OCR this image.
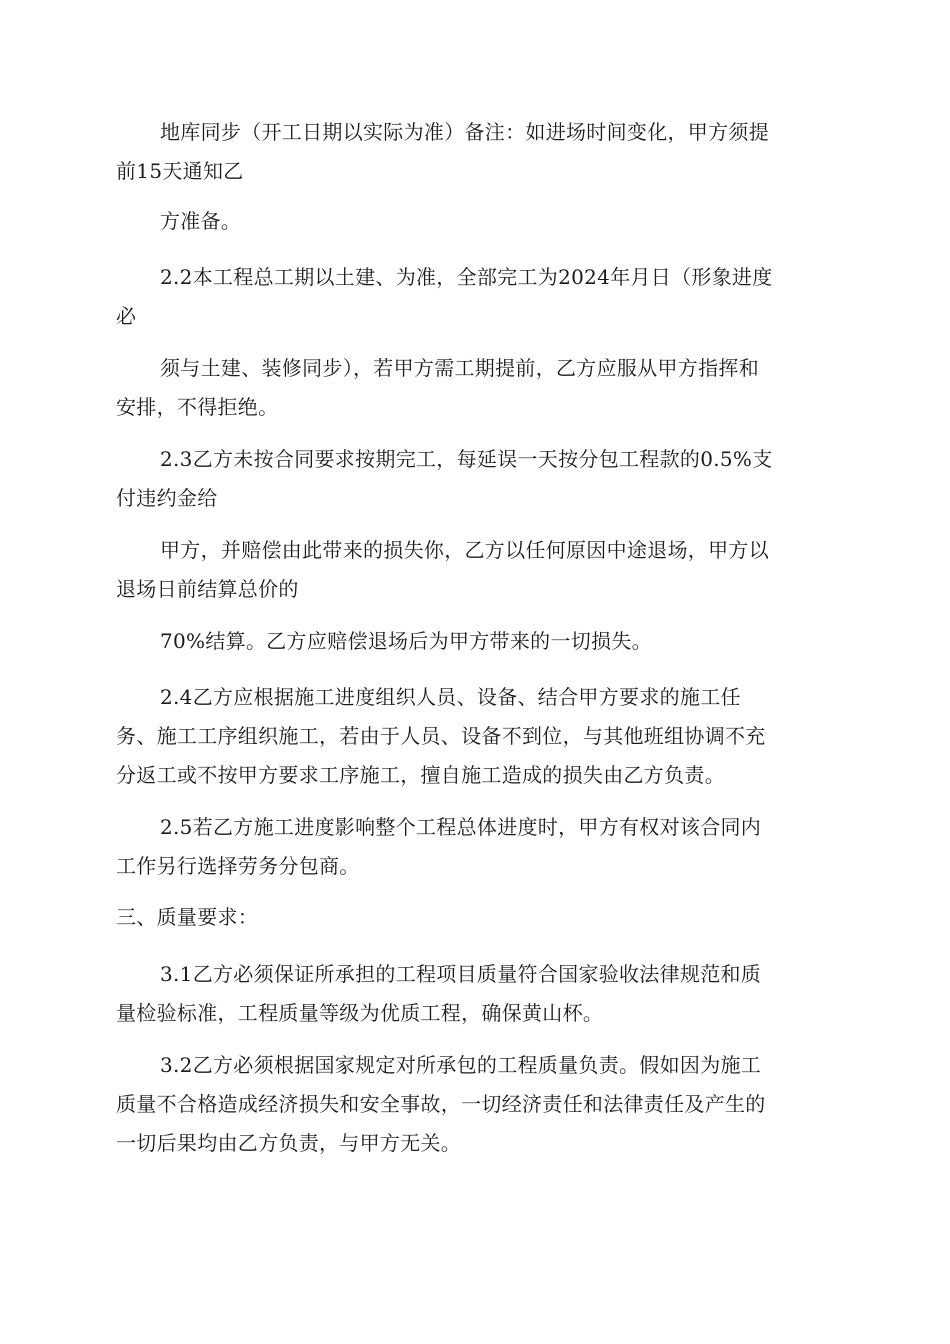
地库同步（开工日期以实际为准）备注：如进场时间变化，甲方须提
前15天通知乙

方准备。

2.2本工程总工期以土建、为准，全部完工为2024年月日（形象进度
必

须与土建、装修同步），若甲方需工期提前，乙方应服从甲方指挥和
安排，不得拒绝。

2.3乙方未按合同要求按期完工，每延误一天按分包工程款的0.5%支
付违约金给

甲方，并赔偿由此带来的损失你，乙方以任何原因中途退场，甲方以
退场日前结算总价的

70%结算。乙方应赔偿退场后为甲方带来的一切损失。

2.4乙方应根据施工进度组织人员、设备、结合甲方要求的施工任
务、施工工序组织施工，若由于人员、设备不到位，与其他班组协调不充
分返工或不按甲方要求工序施工，擅自施工造成的损失由乙方负责。

2.5若乙方施工进度影响整个工程总体进度时，甲方有权对该合同内
工作另行选择劳务分包商。

三、质量要求：

3.1乙方必须保证所承担的工程项目质量符合国家验收法律规范和质
量检验标准，工程质量等级为优质工程，确保黄山杯。

3.2乙方必须根据国家规定对所承包的工程质量负责。假如因为施工
质量不合格造成经济损失和安全事故，一切经济责任和法律责任及产生的
一切后果均由乙方负责，与甲方无关。
